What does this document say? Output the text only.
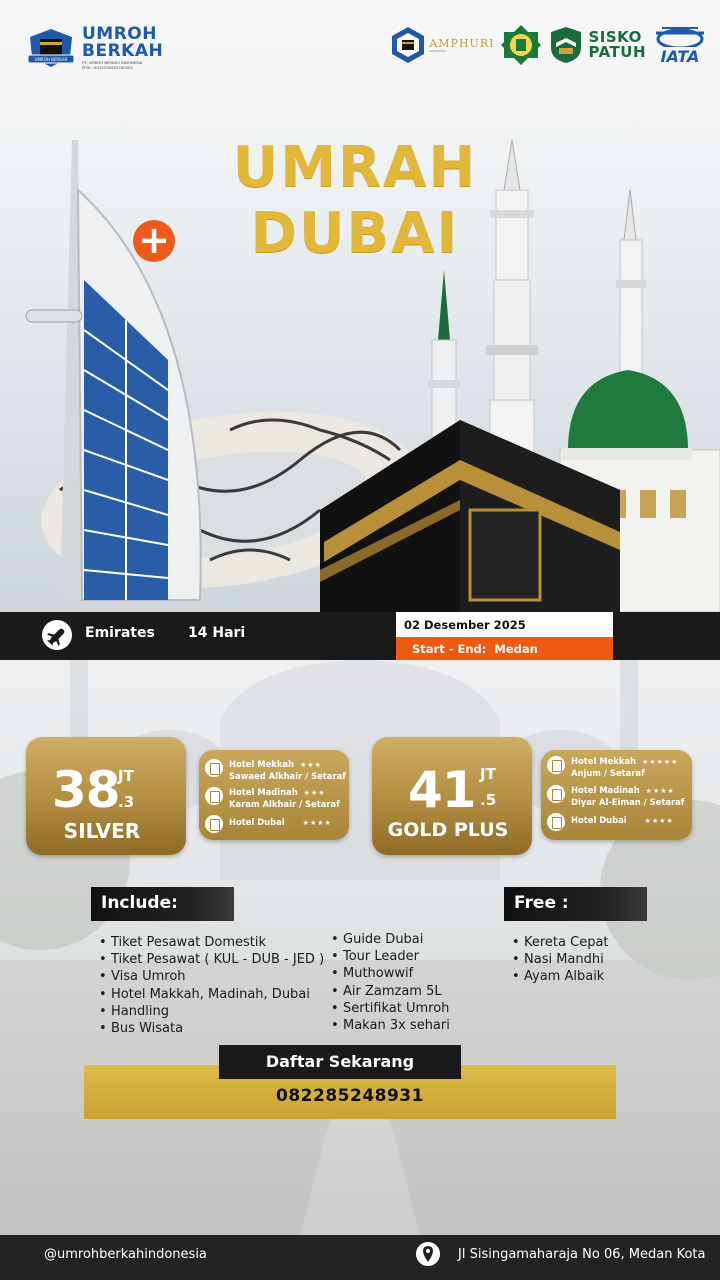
UMROH BERKAH
UMROH
BERKAH
PT. UMROH BERKAH INDONESIA
PPIU : 9012230925780004
AMPHURI
INDONESIA
SISKO
PATUH IATA
UMRAH
DUBAI
+
Emirates 14 Hari	02 Desember 2025
Start - End: Medan
38
JT
.3
SILVER
Hotel Mekkah ★★★
Sawaed Alkhair / Setaraf
Hotel Madinah ★★★
Karam Alkhair / Setaraf
Hotel Dubai	★★★★
41 JT
.5
GOLD PLUS
Hotel Mekkah ★★★★★
Anjum / Setaraf
Hotel Madinah ★★★★
Diyar Al-Eiman / Setaraf
Hotel Dubai	★★★★
Include:
• Tiket Pesawat Domestik
• Tiket Pesawat ( KUL - DUB - JED )
• Visa Umroh
• Hotel Makkah, Madinah, Dubai
• Handling
• Bus Wisata
• Guide Dubai
• Tour Leader
• Muthowwif
• Air Zamzam 5L
• Sertifikat Umroh
• Makan 3x sehari
Free :
• Kereta Cepat
• Nasi Mandhi
• Ayam Albaik
082285248931
Daftar Sekarang
@umrohberkahindonesia	Jl Sisingamaharaja No 06, Medan Kota
